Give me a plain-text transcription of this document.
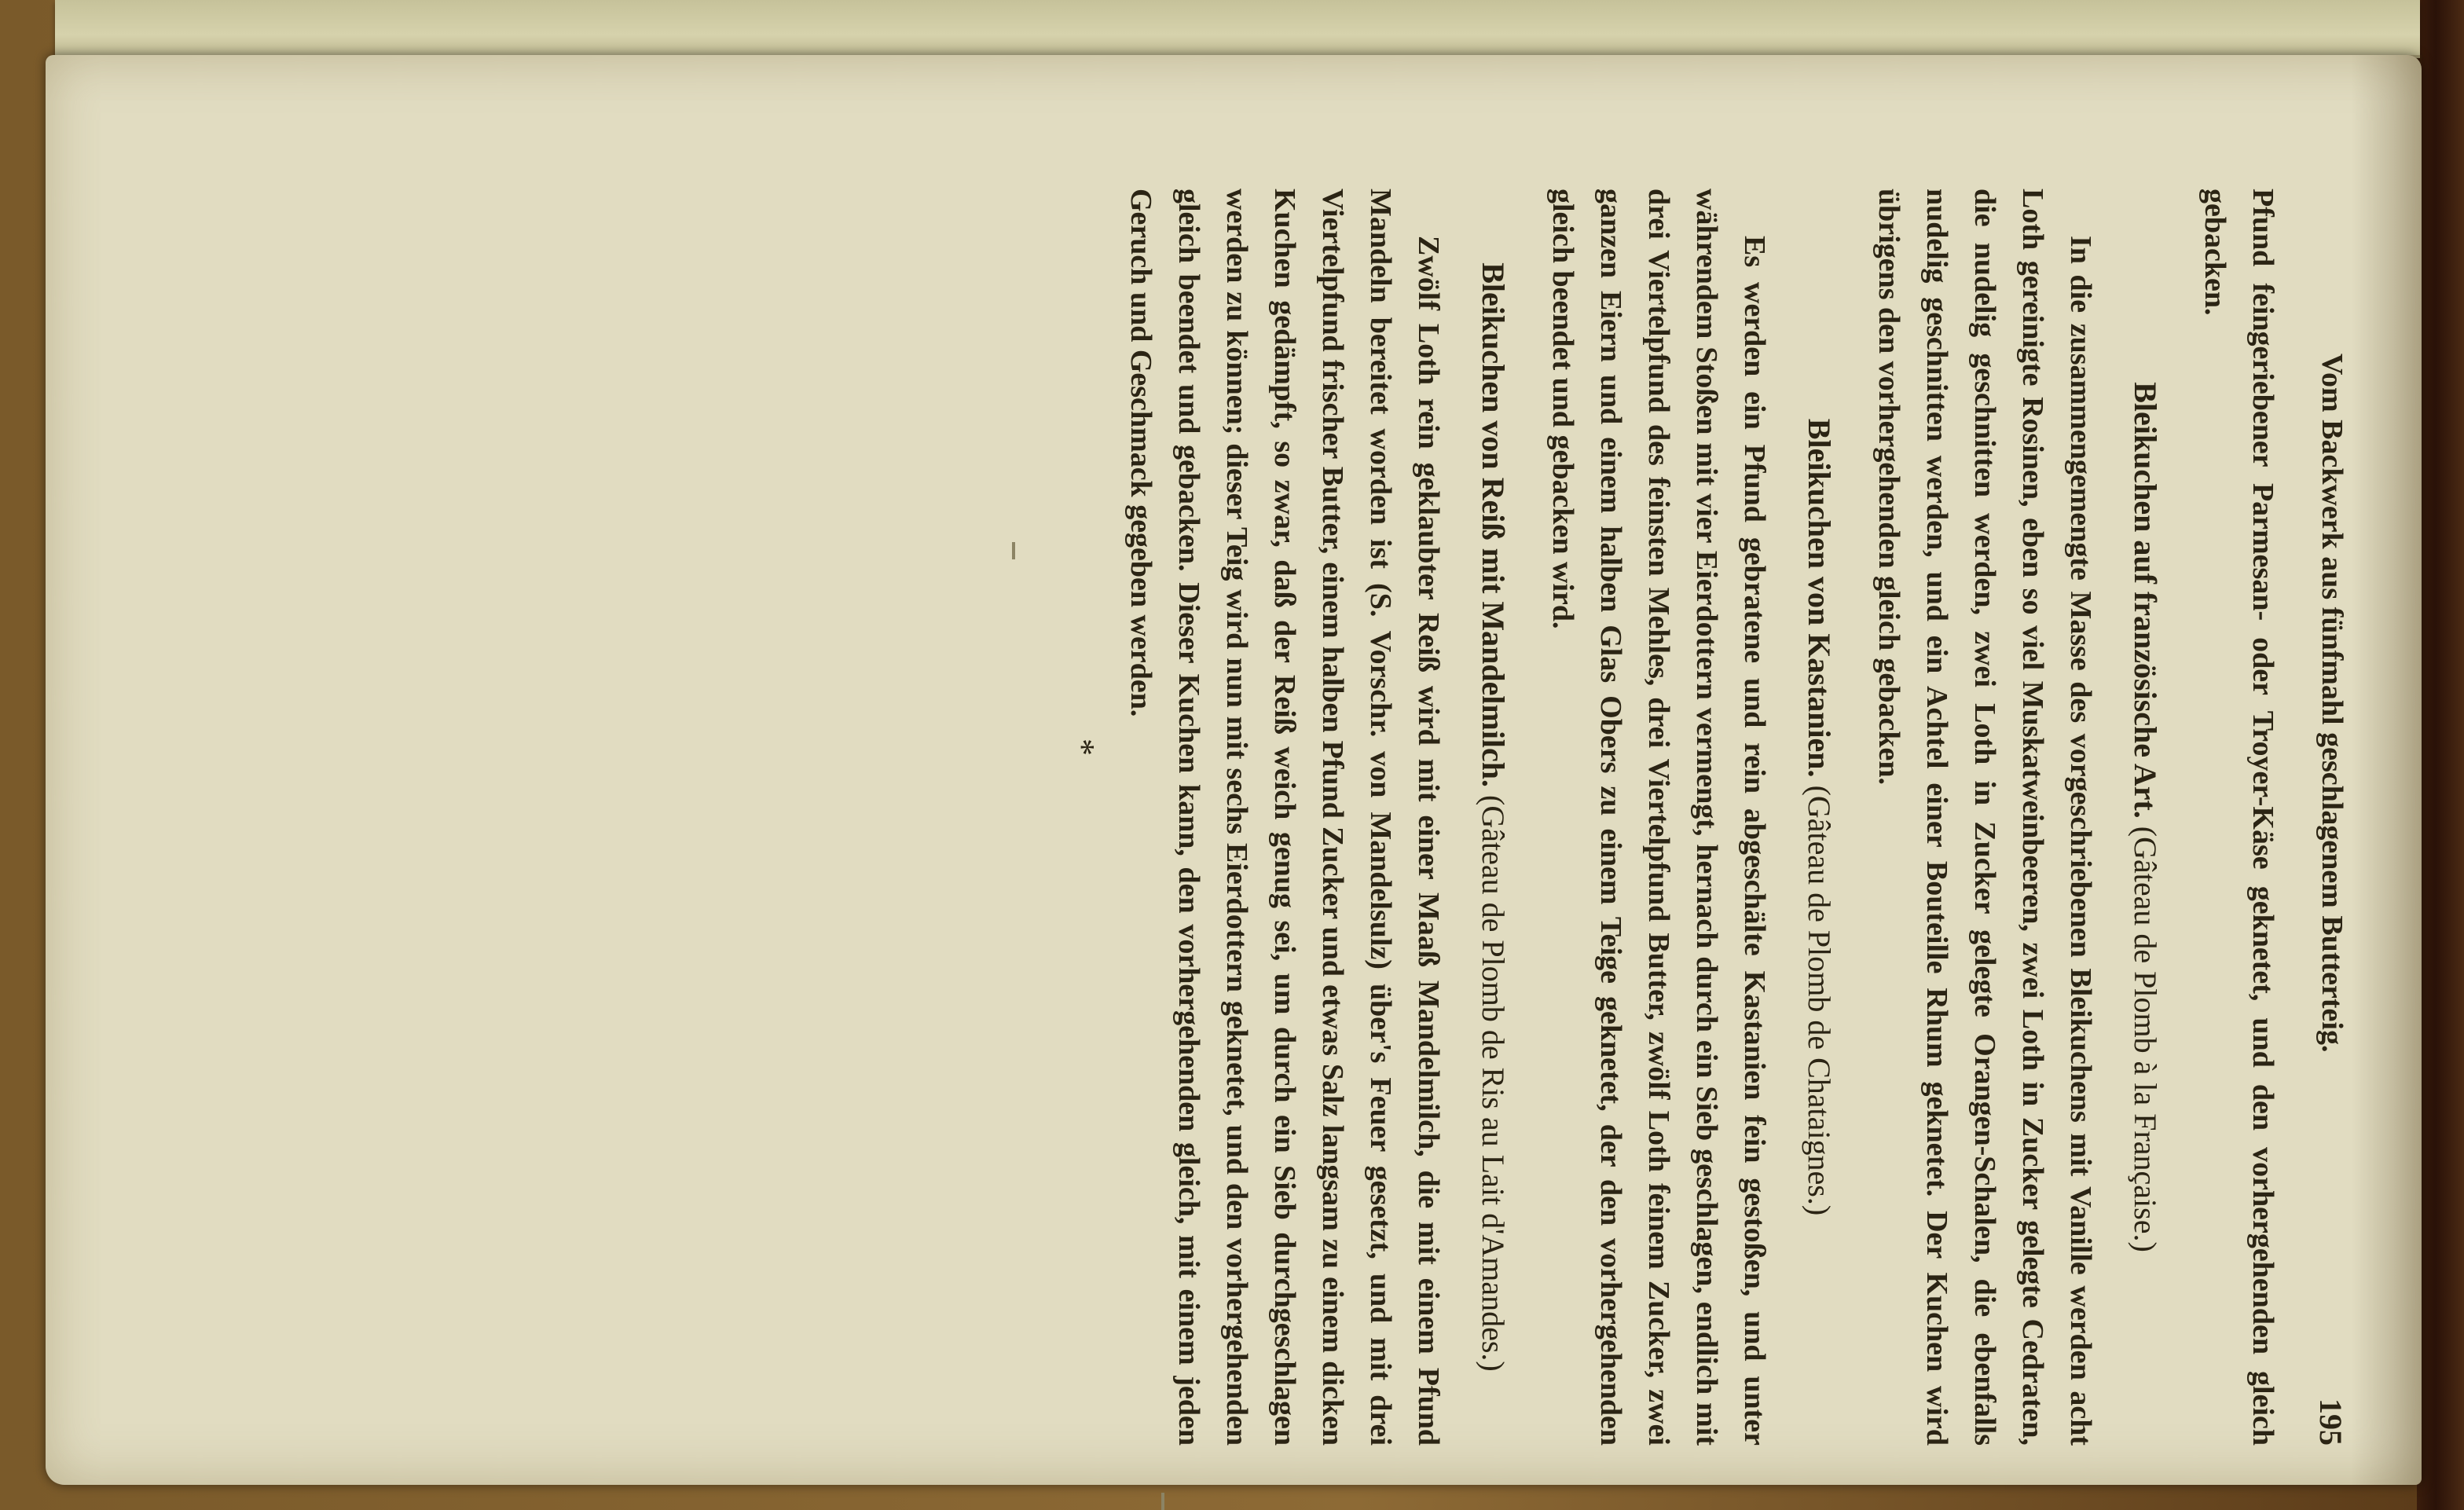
Vom Backwerk aus fünfmahl geschlagenem Butterteig.
195

Pfund feingeriebener Parmesan- oder Troyer-Käse geknetet, und den vorhergehenden gleich gebacken.

Bleikuchen auf französische Art. (Gâteau de Plomb à la Française.)

In die zusammengemengte Masse des vorgeschriebenen Bleikuchens mit Vanille werden acht Loth gereinigte Rosinen, eben so viel Muskatweinbeeren, zwei Loth in Zucker gelegte Cedraten, die nudelig geschnitten werden, zwei Loth in Zucker gelegte Orangen-Schalen, die ebenfalls nudelig geschnitten werden, und ein Achtel einer Bouteille Rhum geknetet. Der Kuchen wird übrigens den vorhergehenden gleich gebacken.

Bleikuchen von Kastanien. (Gâteau de Plomb de Chataignes.)

Es werden ein Pfund gebratene und rein abgeschälte Kastanien fein gestoßen, und unter währendem Stoßen mit vier Eierdottern vermengt, hernach durch ein Sieb geschlagen, endlich mit drei Viertelpfund des feinsten Mehles, drei Viertelpfund Butter, zwölf Loth feinem Zucker, zwei ganzen Eiern und einem halben Glas Obers zu einem Teige geknetet, der den vorhergehenden gleich beendet und gebacken wird.

Bleikuchen von Reiß mit Mandelmilch. (Gâteau de Plomb de Ris au Lait d'Amandes.)

Zwölf Loth rein geklaubter Reiß wird mit einer Maaß Mandelmilch, die mit einem Pfund Mandeln bereitet worden ist (S. Vorschr. von Mandelsulz) über's Feuer gesetzt, und mit drei Viertelpfund frischer Butter, einem halben Pfund Zucker und etwas Salz langsam zu einem dicken Kuchen gedämpft, so zwar, daß der Reiß weich genug sei, um durch ein Sieb durchgeschlagen werden zu können; dieser Teig wird nun mit sechs Eierdottern geknetet, und den vorhergehenden gleich beendet und gebacken. Dieser Kuchen kann, den vorhergehenden gleich, mit einem jeden Geruch und Geschmack gegeben werden.

*
